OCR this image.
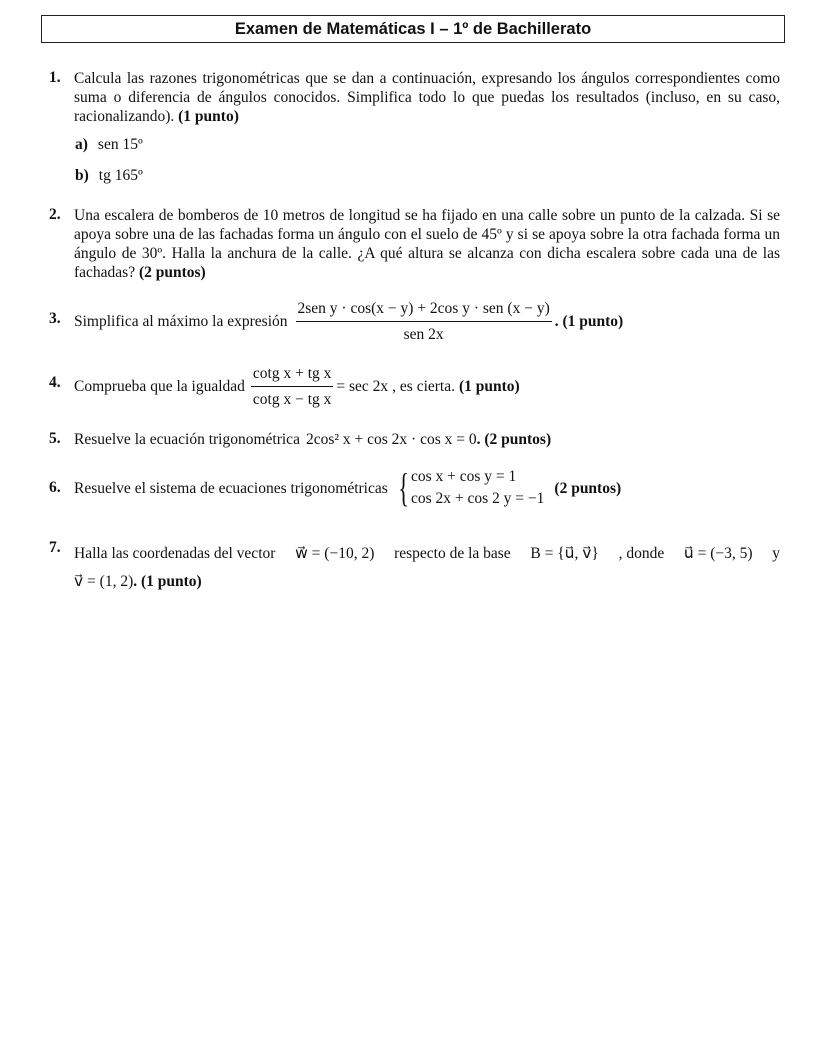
Examen de Matemáticas I – 1º de Bachillerato
1. Calcula las razones trigonométricas que se dan a continuación, expresando los ángulos correspondientes como suma o diferencia de ángulos conocidos. Simplifica todo lo que puedas los resultados (incluso, en su caso, racionalizando). (1 punto)
a) sen 15º
b) tg 165º
2. Una escalera de bomberos de 10 metros de longitud se ha fijado en una calle sobre un punto de la calzada. Si se apoya sobre una de las fachadas forma un ángulo con el suelo de 45º y si se apoya sobre la otra fachada forma un ángulo de 30º. Halla la anchura de la calle. ¿A qué altura se alcanza con dicha escalera sobre cada una de las fachadas? (2 puntos)
3. Simplifica al máximo la expresión $\frac{\text{2sen y · cos(x − y) + 2cos y · sen (x − y)}}{\text{sen 2x}}$ . (1 punto)
4. Comprueba que la igualdad $\frac{\text{cotg x + tg x}}{\text{cotg x − tg x}} = \sec 2x$ , es cierta. (1 punto)
5. Resuelve la ecuación trigonométrica 2cos² x + cos 2x · cos x = 0 . (2 puntos)
6. Resuelve el sistema de ecuaciones trigonométricas { cos x + cos y = 1
cos 2x + cos 2 y = −1
(2 puntos)
7. Halla las coordenadas del vector w⃗ = (−10, 2) respecto de la base B = {u⃗, v⃗} , donde u⃗ = (−3, 5) y
v⃗ = (1, 2). (1 punto)
